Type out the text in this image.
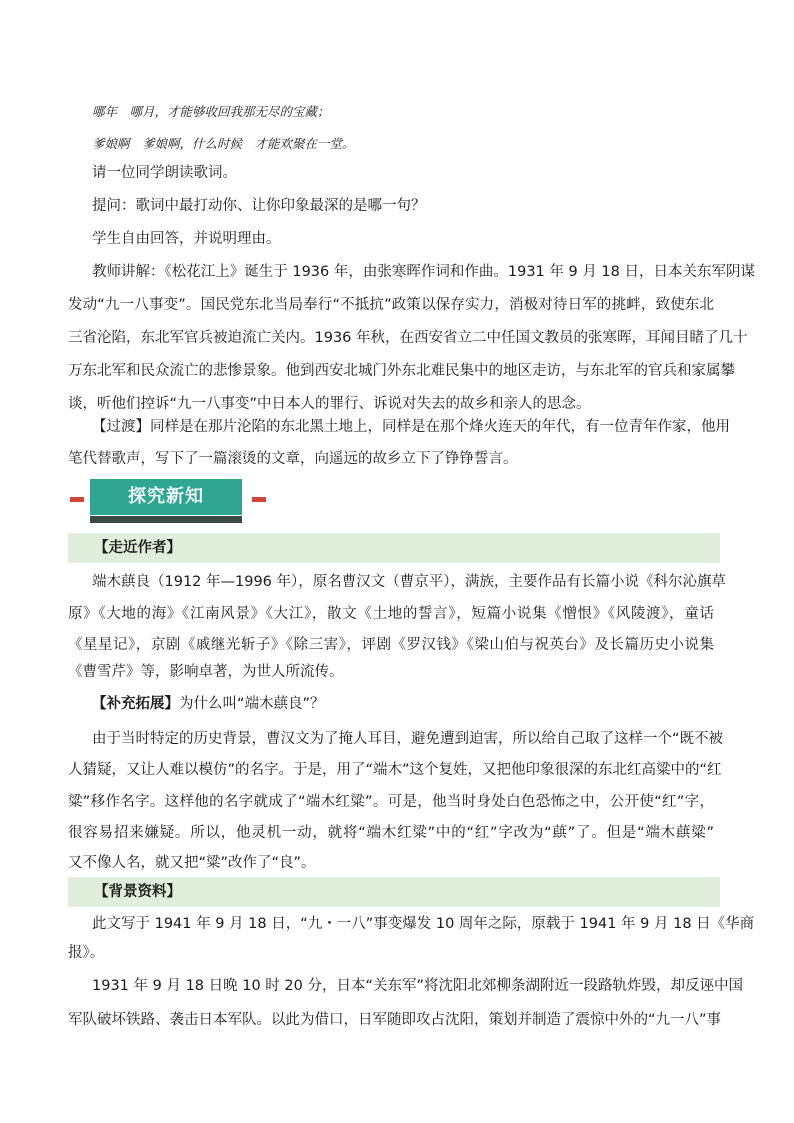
哪年　哪月，才能够收回我那无尽的宝藏；
爹娘啊　爹娘啊，什么时候　才能欢聚在一堂。
请一位同学朗读歌词。
提问：歌词中最打动你、让你印象最深的是哪一句？
学生自由回答，并说明理由。
教师讲解：《松花江上》诞生于 1936 年，由张寒晖作词和作曲。1931 年 9 月 18 日，日本关东军阴谋
发动“九一八事变”。国民党东北当局奉行“不抵抗”政策以保存实力，消极对待日军的挑衅，致使东北
三省沦陷，东北军官兵被迫流亡关内。1936 年秋，在西安省立二中任国文教员的张寒晖，耳闻目睹了几十
万东北军和民众流亡的悲惨景象。他到西安北城门外东北难民集中的地区走访，与东北军的官兵和家属攀
谈，听他们控诉“九一八事变”中日本人的罪行、诉说对失去的故乡和亲人的思念。
【过渡】同样是在那片沦陷的东北黑土地上，同样是在那个烽火连天的年代，有一位青年作家，他用
笔代替歌声，写下了一篇滚烫的文章，向遥远的故乡立下了铮铮誓言。
探究新知
【走近作者】
端木蕻良（1912 年—1996 年），原名曹汉文（曹京平），满族，主要作品有长篇小说《科尔沁旗草
原》《大地的海》《江南风景》《大江》，散文《土地的誓言》，短篇小说集《憎恨》《风陵渡》，童话
《星星记》，京剧《戚继光斩子》《除三害》，评剧《罗汉钱》《梁山伯与祝英台》及长篇历史小说集
《曹雪芹》等，影响卓著，为世人所流传。
【补充拓展】为什么叫“端木蕻良”？
由于当时特定的历史背景，曹汉文为了掩人耳目，避免遭到迫害，所以给自己取了这样一个“既不被
人猜疑，又让人难以模仿”的名字。于是，用了“端木”这个复姓，又把他印象很深的东北红高粱中的“红
粱”移作名字。这样他的名字就成了“端木红粱”。可是，他当时身处白色恐怖之中，公开使“红”字，
很容易招来嫌疑。所以，他灵机一动，就将“端木红粱”中的“红”字改为“蕻”了。但是“端木蕻粱”
又不像人名，就又把“粱”改作了“良”。
【背景资料】
此文写于 1941 年 9 月 18 日，“九・一八”事变爆发 10 周年之际，原载于 1941 年 9 月 18 日《华商
报》。
1931 年 9 月 18 日晚 10 时 20 分，日本“关东军”将沈阳北郊柳条湖附近一段路轨炸毁，却反诬中国
军队破坏铁路、袭击日本军队。以此为借口，日军随即攻占沈阳，策划并制造了震惊中外的“九一八”事
